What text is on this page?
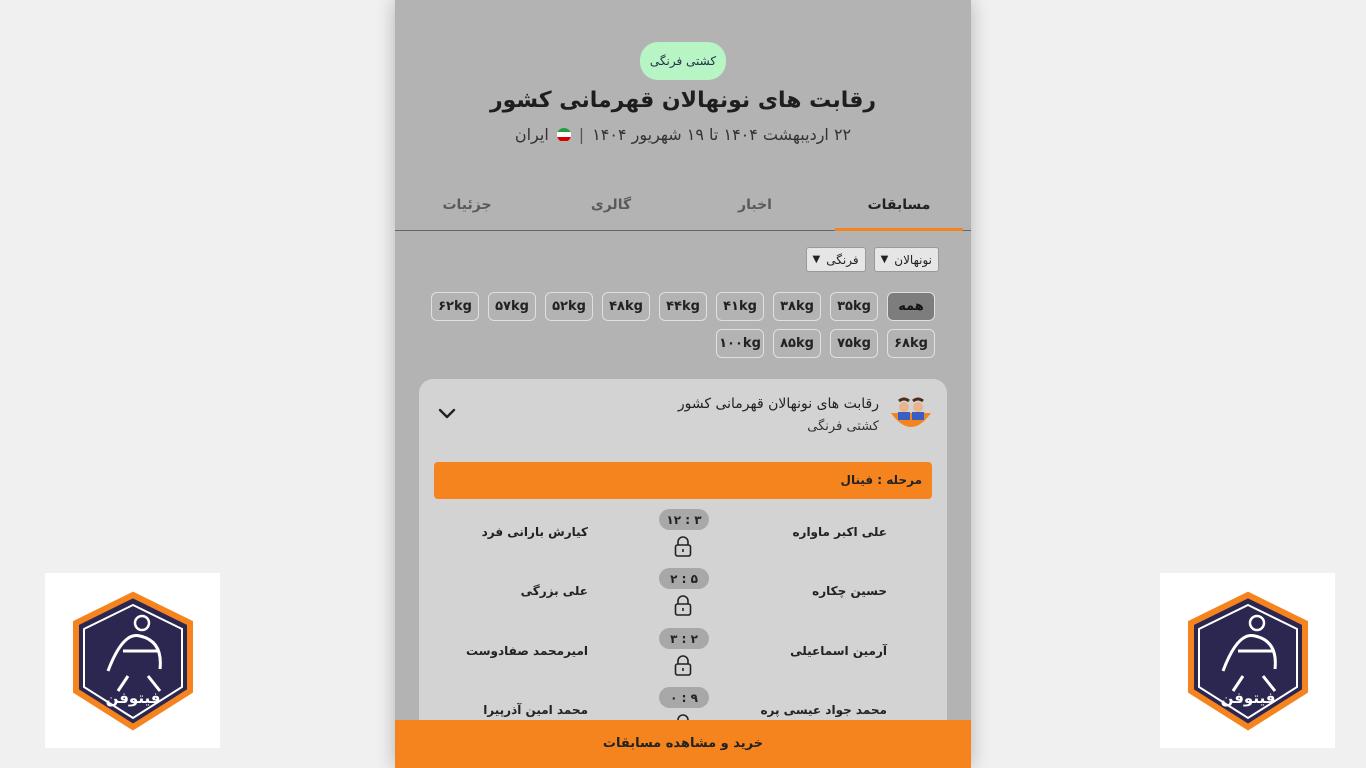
فیتوفن	فیتوفن
کشتی فرنگی
رقابت های نونهالان قهرمانی کشور
۲۲ اردیبهشت ۱۴۰۴ تا ۱۹ شهریور ۱۴۰۴
|
ایران
مسابقات
اخبار
گالری
جزئیات
نونهالان
▼
فرنگی
▼
همه
۳۵kg
۳۸kg
۴۱kg
۴۴kg
۴۸kg
۵۲kg
۵۷kg
۶۲kg
۶۸kg
۷۵kg
۸۵kg
۱۰۰kg
رقابت های نونهالان قهرمانی کشور
کشتی فرنگی
مرحله : فینال
علی اکبر ماواره
۱۲ : ۳
کیارش بارانی فرد
حسین چکاره
۲ : ۵
علی بزرگی
آرمین اسماعیلی
۳ : ۲
امیرمحمد صفادوست
محمد جواد عیسی پره
۰ : ۹
محمد امین آذرپیرا
خرید و مشاهده مسابقات
